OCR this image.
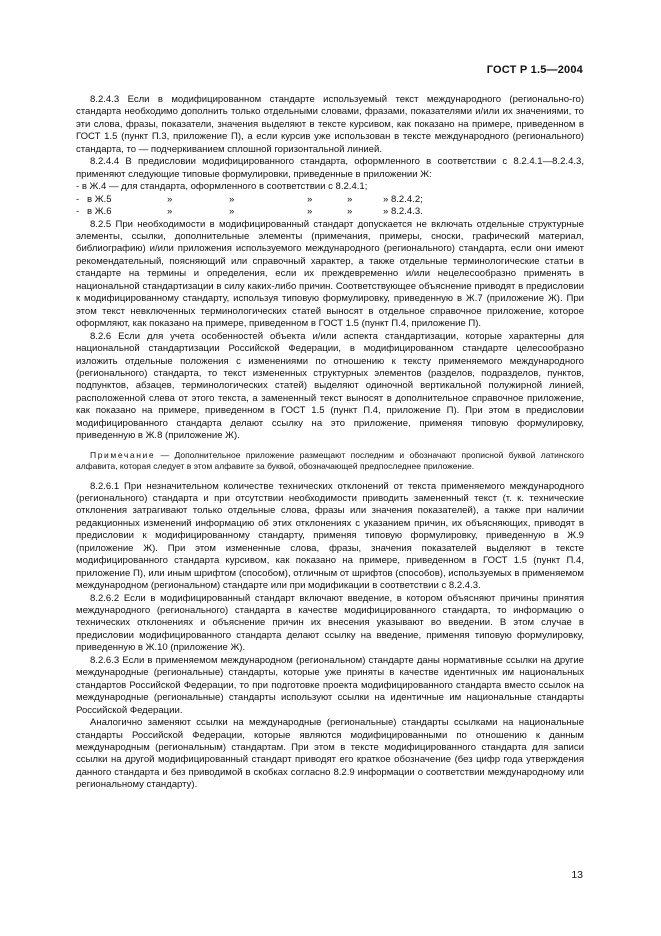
ГОСТ Р 1.5—2004

8.2.4.3 Если в модифицированном стандарте используемый текст международного (регионально-го) стандарта необходимо дополнить только отдельными словами, фразами, показателями и/или их значениями, то эти слова, фразы, показатели, значения выделяют в тексте курсивом, как показано на примере, приведенном в ГОСТ 1.5 (пункт П.3, приложение П), а если курсив уже использован в тексте международного (регионального) стандарта, то — подчеркиванием сплошной горизонтальной линией.

8.2.4.4 В предисловии модифицированного стандарта, оформленного в соответствии с 8.2.4.1—8.2.4.3, применяют следующие типовые формулировки, приведенные в приложении Ж:

- в Ж.4 — для стандарта, оформленного в соответствии с 8.2.4.1;
- в Ж.5	»	»	»	»	» 8.2.4.2;
- в Ж.6	»	»	»	»	» 8.2.4.3.

8.2.5 При необходимости в модифицированный стандарт допускается не включать отдельные структурные элементы, ссылки, дополнительные элементы (примечания, примеры, сноски, графический материал, библиографию) и/или приложения используемого международного (регионального) стандарта, если они имеют рекомендательный, поясняющий или справочный характер, а также отдельные терминологические статьи в стандарте на термины и определения, если их преждевременно и/или нецелесообразно применять в национальной стандартизации в силу каких-либо причин. Соответствующее объяснение приводят в предисловии к модифицированному стандарту, используя типовую формулировку, приведенную в Ж.7 (приложение Ж). При этом текст невключенных терминологических статей выносят в отдельное справочное приложение, которое оформляют, как показано на примере, приведенном в ГОСТ 1.5 (пункт П.4, приложение П).

8.2.6 Если для учета особенностей объекта и/или аспекта стандартизации, которые характерны для национальной стандартизации Российской Федерации, в модифицированном стандарте целесообразно изложить отдельные положения с изменениями по отношению к тексту применяемого международного (регионального) стандарта, то текст измененных структурных элементов (разделов, подразделов, пунктов, подпунктов, абзацев, терминологических статей) выделяют одиночной вертикальной полужирной линией, расположенной слева от этого текста, а замененный текст выносят в дополнительное справочное приложение, как показано на примере, приведенном в ГОСТ 1.5 (пункт П.4, приложение П). При этом в предисловии модифицированного стандарта делают ссылку на это приложение, применяя типовую формулировку, приведенную в Ж.8 (приложение Ж).

Примечание — Дополнительное приложение размещают последним и обозначают прописной буквой латинского алфавита, которая следует в этом алфавите за буквой, обозначающей предпоследнее приложение.

8.2.6.1 При незначительном количестве технических отклонений от текста применяемого международного (регионального) стандарта и при отсутствии необходимости приводить замененный текст (т. к. технические отклонения затрагивают только отдельные слова, фразы или значения показателей), а также при наличии редакционных изменений информацию об этих отклонениях с указанием причин, их объясняющих, приводят в предисловии к модифицированному стандарту, применяя типовую формулировку, приведенную в Ж.9 (приложение Ж). При этом измененные слова, фразы, значения показателей выделяют в тексте модифицированного стандарта курсивом, как показано на примере, приведенном в ГОСТ 1.5 (пункт П.4, приложение П), или иным шрифтом (способом), отличным от шрифтов (способов), используемых в применяемом международном (региональном) стандарте или при модификации в соответствии с 8.2.4.3.

8.2.6.2 Если в модифицированный стандарт включают введение, в котором объясняют причины принятия международного (регионального) стандарта в качестве модифицированного стандарта, то информацию о технических отклонениях и объяснение причин их внесения указывают во введении. В этом случае в предисловии модифицированного стандарта делают ссылку на введение, применяя типовую формулировку, приведенную в Ж.10 (приложение Ж).

8.2.6.3 Если в применяемом международном (региональном) стандарте даны нормативные ссылки на другие международные (региональные) стандарты, которые уже приняты в качестве идентичных им национальных стандартов Российской Федерации, то при подготовке проекта модифицированного стандарта вместо ссылок на международные (региональные) стандарты используют ссылки на идентичные им национальные стандарты Российской Федерации.

Аналогично заменяют ссылки на международные (региональные) стандарты ссылками на национальные стандарты Российской Федерации, которые являются модифицированными по отношению к данным международным (региональным) стандартам. При этом в тексте модифицированного стандарта для записи ссылки на другой модифицированный стандарт приводят его краткое обозначение (без цифр года утверждения данного стандарта и без приводимой в скобках согласно 8.2.9 информации о соответствии международному или региональному стандарту).

13
